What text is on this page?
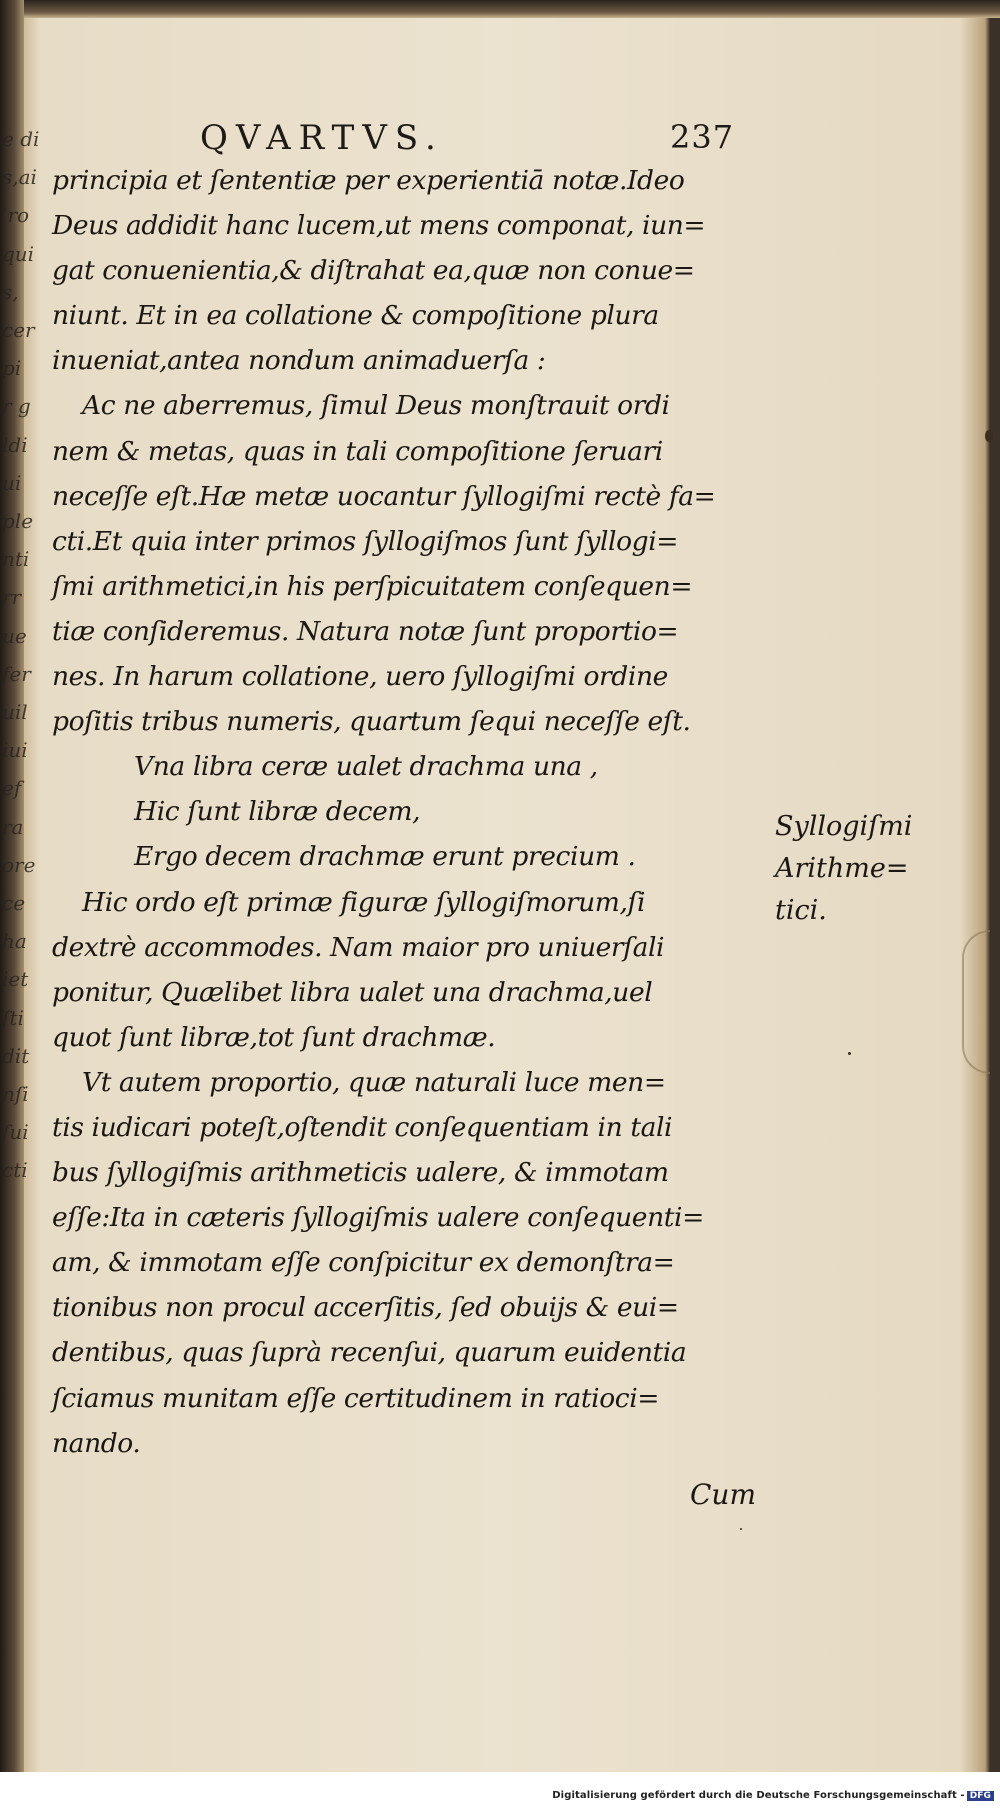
e di
s,ai
'ro
qui
s,
cer
pi
r g
ldi
ui
ple
nti
rr
ue
fer
uil
iui
ef
ra
ore
ce
ha
iet
ſti
dit
nſi
ſui
cti
QVARTVS.	237
principia et ſententiæ per experientiā notæ.Ideo
Deus addidit hanc lucem,ut mens componat, iun=
gat conuenientia,& diſtrahat ea,quæ non conue=
niunt. Et in ea collatione & compoſitione plura
inueniat,antea nondum animaduerſa :
Ac ne aberremus, ſimul Deus monſtrauit ordi
nem & metas, quas in tali compoſitione ſeruari
neceſſe eſt.Hæ metæ uocantur ſyllogiſmi rectè fa=
cti.Et quia inter primos ſyllogiſmos ſunt ſyllogi=
ſmi arithmetici,in his perſpicuitatem conſequen=
tiæ conſideremus. Natura notæ ſunt proportio=
nes. In harum collatione, uero ſyllogiſmi ordine
poſitis tribus numeris, quartum ſequi neceſſe eſt.
Vna libra ceræ ualet drachma una ,
Hic ſunt libræ decem,
Ergo decem drachmæ erunt precium .
Hic ordo eſt primæ figuræ ſyllogiſmorum,ſi
dextrè accommodes. Nam maior pro uniuerſali
ponitur, Quælibet libra ualet una drachma,uel
quot ſunt libræ,tot ſunt drachmæ.
Vt autem proportio, quæ naturali luce men=
tis iudicari poteſt,oſtendit conſequentiam in tali
bus ſyllogiſmis arithmeticis ualere, & immotam
eſſe:Ita in cæteris ſyllogiſmis ualere conſequenti=
am, & immotam eſſe conſpicitur ex demonſtra=
tionibus non procul accerſitis, ſed obuijs & eui=
dentibus, quas ſuprà recenſui, quarum euidentia
ſciamus munitam eſſe certitudinem in ratioci=
nando.
Syllogiſmi
Arithme=
tici.
Cum
Digitalisierung gefördert durch die Deutsche Forschungsgemeinschaft - DFG
